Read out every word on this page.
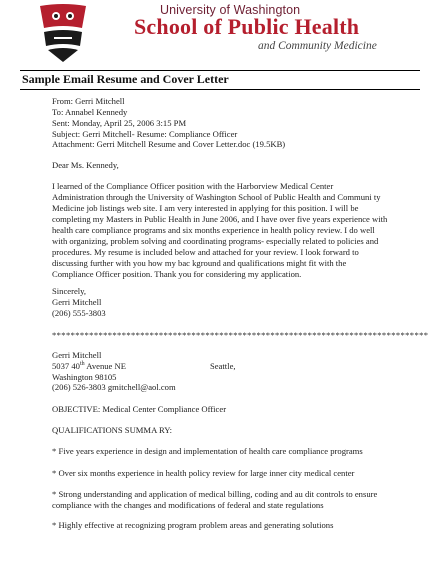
University of Washington
School of Public Health
and Community Medicine
Sample Email Resume and Cover Letter
From: Gerri Mitchell
To: Annabel Kennedy
Sent: Monday, April 25, 2006 3:15 PM
Subject: Gerri Mitchell- Resume: Compliance Officer
Attachment: Gerri Mitchell Resume and Cover Letter.doc (19.5KB)
Dear Ms. Kennedy,
I learned of the Compliance Officer position with the Harborview Medical Center
Administration through the University of Washington School of Public Health and Communi ty
Medicine job listings web site. I am very interested in applying for this position. I will be
completing my Masters in Public Health in June 2006, and I have over five years experience with
health care compliance programs and six months experience in health policy review. I do well
with organizing, problem solving and coordinating programs- especially related to policies and
procedures. My resume is included below and attached for your review. I look forward to
discussing further with you how my bac kground and qualifications might fit with the
Compliance Officer position. Thank you for considering my application.
Sincerely,
Gerri Mitchell
(206) 555-3803
*********************************************************************************
Gerri Mitchell
5037 40th Avenue NE	Seattle,
Washington 98105
(206) 526-3803 gmitchell@aol.com
OBJECTIVE: Medical Center Compliance Officer
QUALIFICATIONS SUMMA RY:
* Five years experience in design and implementation of health care compliance programs
* Over six months experience in health policy review for large inner city medical center
* Strong understanding and application of medical billing, coding and au dit controls to ensure
compliance with the changes and modifications of federal and state regulations
* Highly effective at recognizing program problem areas and generating solutions
